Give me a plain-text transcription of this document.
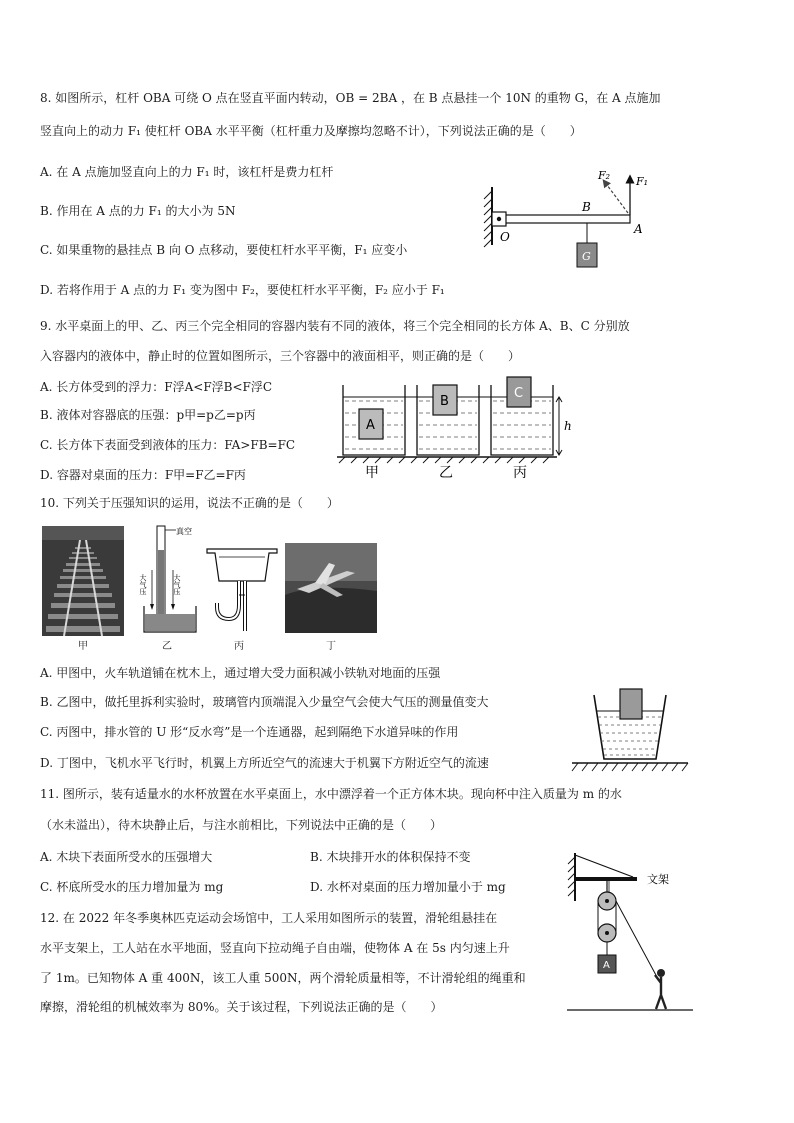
8. 如图所示，杠杆 OBA 可绕 O 点在竖直平面内转动，OB = 2BA ，在 B 点悬挂一个 10N 的重物 G，在 A 点施加
竖直向上的动力 F₁ 使杠杆 OBA 水平平衡（杠杆重力及摩擦均忽略不计），下列说法正确的是（　　）
A. 在 A 点施加竖直向上的力 F₁ 时，该杠杆是费力杠杆
B. 作用在 A 点的力 F₁ 的大小为 5N
C. 如果重物的悬挂点 B 向 O 点移动，要使杠杆水平平衡，F₁ 应变小
D. 若将作用于 A 点的力 F₁ 变为图中 F₂，要使杠杆水平平衡，F₂ 应小于 F₁
F₂ F₁
B
A
O
G
9. 水平桌面上的甲、乙、丙三个完全相同的容器内装有不同的液体，将三个完全相同的长方体 A、B、C 分别放
入容器内的液体中，静止时的位置如图所示，三个容器中的液面相平，则正确的是（　　）
A. 长方体受到的浮力：F浮A<F浮B<F浮C
B. 液体对容器底的压强：p甲=p乙=p丙
C. 长方体下表面受到液体的压力：FA>FB=FC
D. 容器对桌面的压力：F甲=F乙=F丙
A
B
C
h
甲	乙	丙
10. 下列关于压强知识的运用，说法不正确的是（　　）
真空
大气压	大气压
甲	乙	丙	丁
A. 甲图中，火车轨道铺在枕木上，通过增大受力面积减小铁轨对地面的压强
B. 乙图中，做托里拆利实验时，玻璃管内顶端混入少量空气会使大气压的测量值变大
C. 丙图中，排水管的 U 形“反水弯”是一个连通器，起到隔绝下水道异味的作用
D. 丁图中，飞机水平飞行时，机翼上方所近空气的流速大于机翼下方附近空气的流速
11. 图所示，装有适量水的水杯放置在水平桌面上，水中漂浮着一个正方体木块。现向杯中注入质量为 m 的水
（水未溢出），待木块静止后，与注水前相比，下列说法中正确的是（　　）
A. 木块下表面所受水的压强增大	B. 木块排开水的体积保持不变
C. 杯底所受水的压力增加量为 mg	D. 水杯对桌面的压力增加量小于 mg
12. 在 2022 年冬季奥林匹克运动会场馆中，工人采用如图所示的装置，滑轮组悬挂在
水平支架上，工人站在水平地面，竖直向下拉动绳子自由端，使物体 A 在 5s 内匀速上升
了 1m。已知物体 A 重 400N，该工人重 500N，两个滑轮质量相等，不计滑轮组的绳重和
摩擦，滑轮组的机械效率为 80%。关于该过程，下列说法正确的是（　　）
文架
A
